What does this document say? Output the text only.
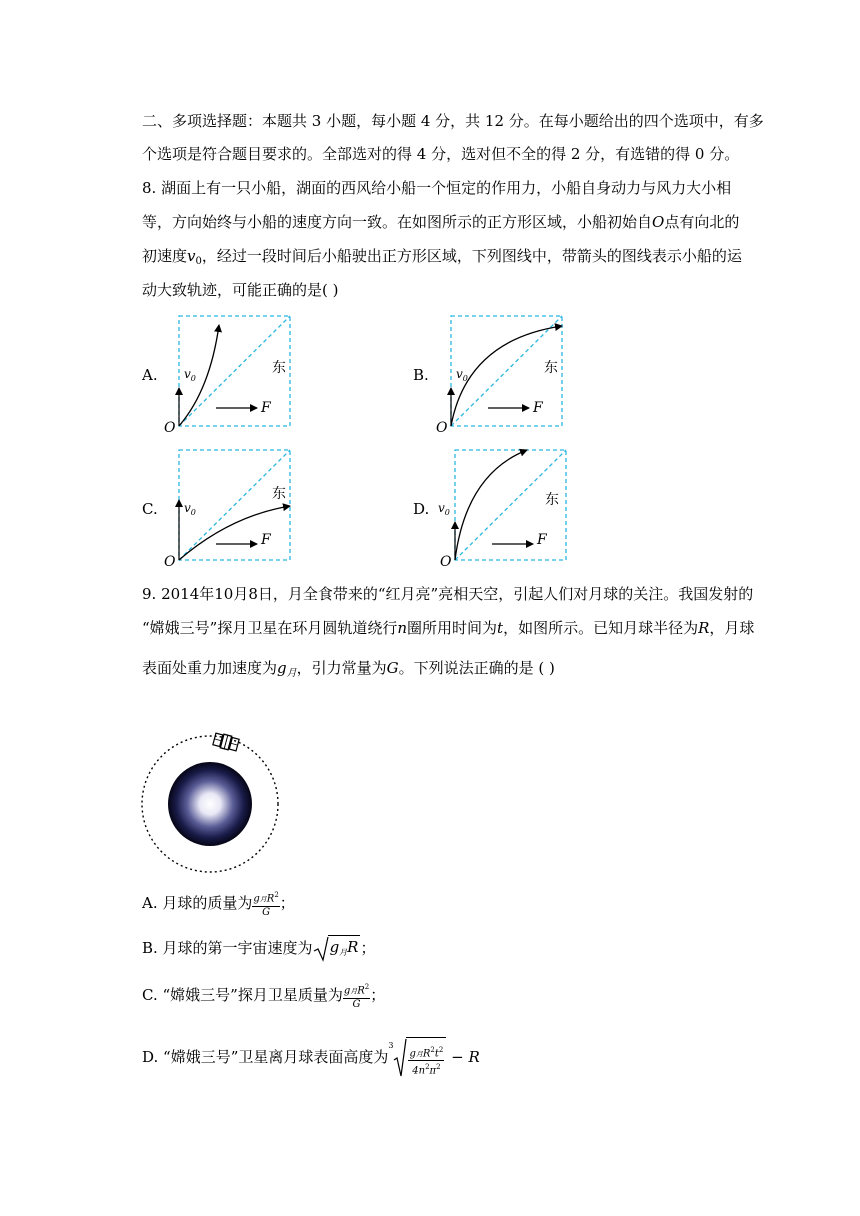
二、多项选择题：本题共 3 小题，每小题 4 分，共 12 分。在每小题给出的四个选项中，有多
个选项是符合题目要求的。全部选对的得 4 分，选对但不全的得 2 分，有选错的得 0 分。
8. 湖面上有一只小船，湖面的西风给小船一个恒定的作用力，小船自身动力与风力大小相
等，方向始终与小船的速度方向一致。在如图所示的正方形区域，小船初始自O点有向北的
初速度$v_0$，经过一段时间后小船驶出正方形区域，下列图线中，带箭头的图线表示小船的运
动大致轨迹，可能正确的是( )
A.	B.
C.	D.
$v_0$
F
O
东	$v_0$
F
O
东
$v_0$
F
O
东
$v_0$
F
O
东
9. 2014年10月8日，月全食带来的“红月亮”亮相天空，引起人们对月球的关注。我国发射的
“嫦娥三号”探月卫星在环月圆轨道绕行n圈所用时间为t，如图所示。已知月球半径为R，月球
表面处重力加速度为$g_月$，引力常量为G。下列说法正确的是 ( )
A. 月球的质量为 $\frac{g月R^2}{G}$ ；
B. 月球的第一宇宙速度为 $g_月R$ ；
C. “嫦娥三号”探月卫星质量为 $\frac{g月R^2}{G}$ ；
D. “嫦娥三号”卫星离月球表面高度为$^3 \frac{g月R^2t^2}{4n^2\pi^2} - R$
